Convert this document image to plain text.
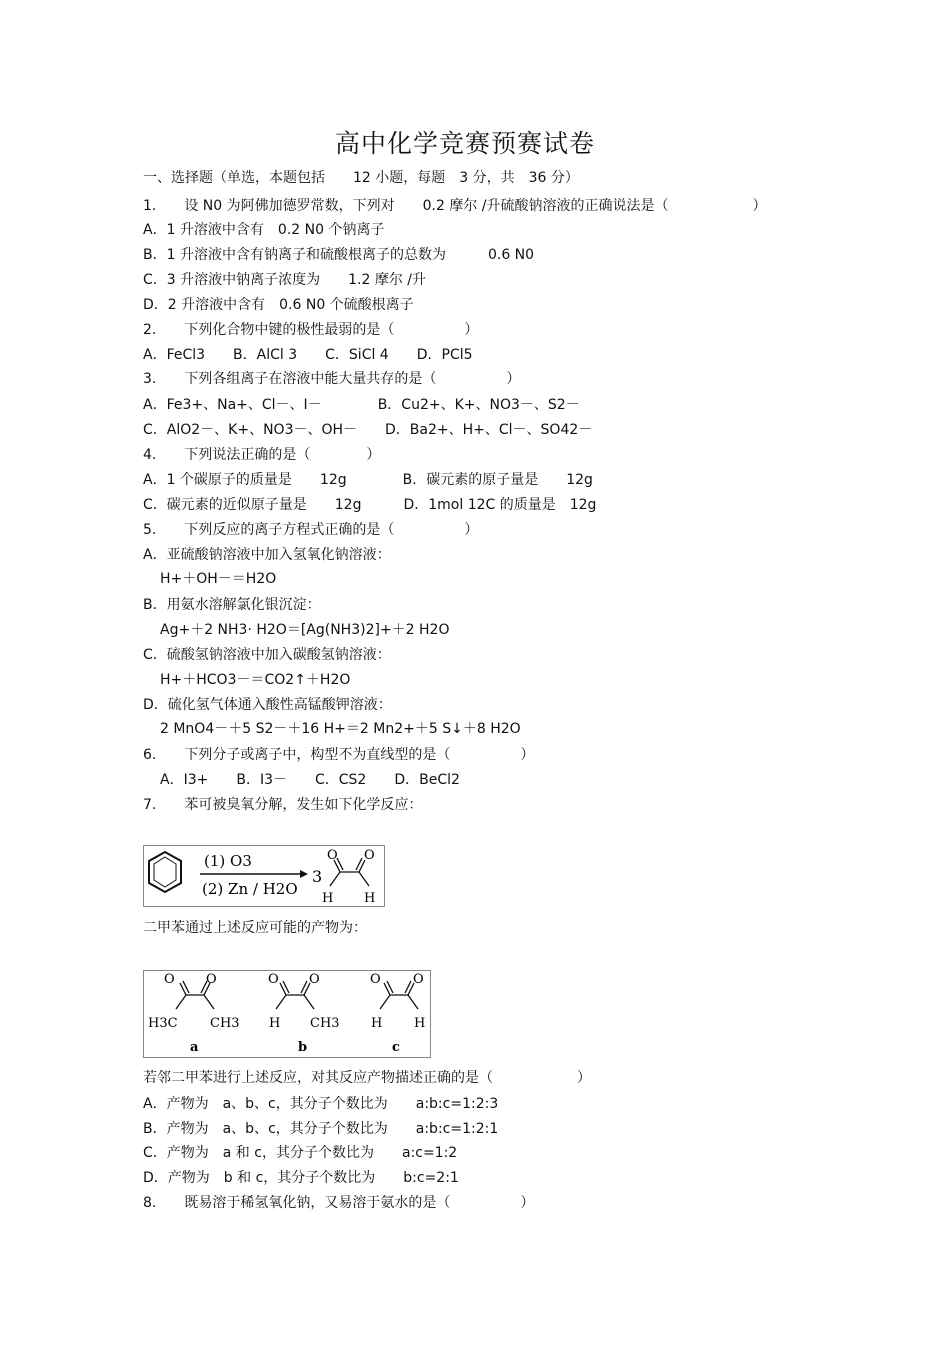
高中化学竞赛预赛试卷
一、选择题（单选，本题包括　　12 小题，每题　3 分，共　36 分）
1.　　设 N0 为阿佛加德罗常数，下列对　　0.2 摩尔 /升硫酸钠溶液的正确说法是（　　　　　　）
A．1 升溶液中含有　0.2 N0 个钠离子
B．1 升溶液中含有钠离子和硫酸根离子的总数为　　　0.6 N0
C．3 升溶液中钠离子浓度为　　1.2 摩尔 /升
D．2 升溶液中含有　0.6 N0 个硫酸根离子
2.　　下列化合物中键的极性最弱的是（　　　　　）
A．FeCl3　　B．AlCl 3　　C．SiCl 4　　D．PCl5
3.　　下列各组离子在溶液中能大量共存的是（　　　　　）
A．Fe3+、Na+、Cl－、I－　　　　B．Cu2+、K+、NO3－、S2－
C．AlO2－、K+、NO3－、OH－　　D．Ba2+、H+、Cl－、SO42－
4.　　下列说法正确的是（　　　　）
A．1 个碳原子的质量是　　12g　　　　B．碳元素的原子量是　　12g
C．碳元素的近似原子量是　　12g　　　D．1mol 12C 的质量是　12g
5.　　下列反应的离子方程式正确的是（　　　　　）
A．亚硫酸钠溶液中加入氢氧化钠溶液：
H+＋OH－＝H2O
B．用氨水溶解氯化银沉淀：
Ag+＋2 NH3· H2O＝[Ag(NH3)2]+＋2 H2O
C．硫酸氢钠溶液中加入碳酸氢钠溶液：
H+＋HCO3－＝CO2↑＋H2O
D．硫化氢气体通入酸性高锰酸钾溶液：
2 MnO4－＋5 S2－＋16 H+＝2 Mn2+＋5 S↓＋8 H2O
6.　　下列分子或离子中，构型不为直线型的是（　　　　　）
A．I3+　　B．I3－　　C．CS2　　D．BeCl2
7.　　苯可被臭氧分解，发生如下化学反应：
(1) O3
(2) Zn / H2O
3
O O
H H
二甲苯通过上述反应可能的产物为：
O O
H3C CH3
a
O O
H CH3
b
O O
H H
c
若邻二甲苯进行上述反应，对其反应产物描述正确的是（　　　　　　）
A．产物为　a、b、c，其分子个数比为　　a:b:c=1:2:3
B．产物为　a、b、c，其分子个数比为　　a:b:c=1:2:1
C．产物为　a 和 c，其分子个数比为　　a:c=1:2
D．产物为　b 和 c，其分子个数比为　　b:c=2:1
8.　　既易溶于稀氢氧化钠，又易溶于氨水的是（　　　　　）
